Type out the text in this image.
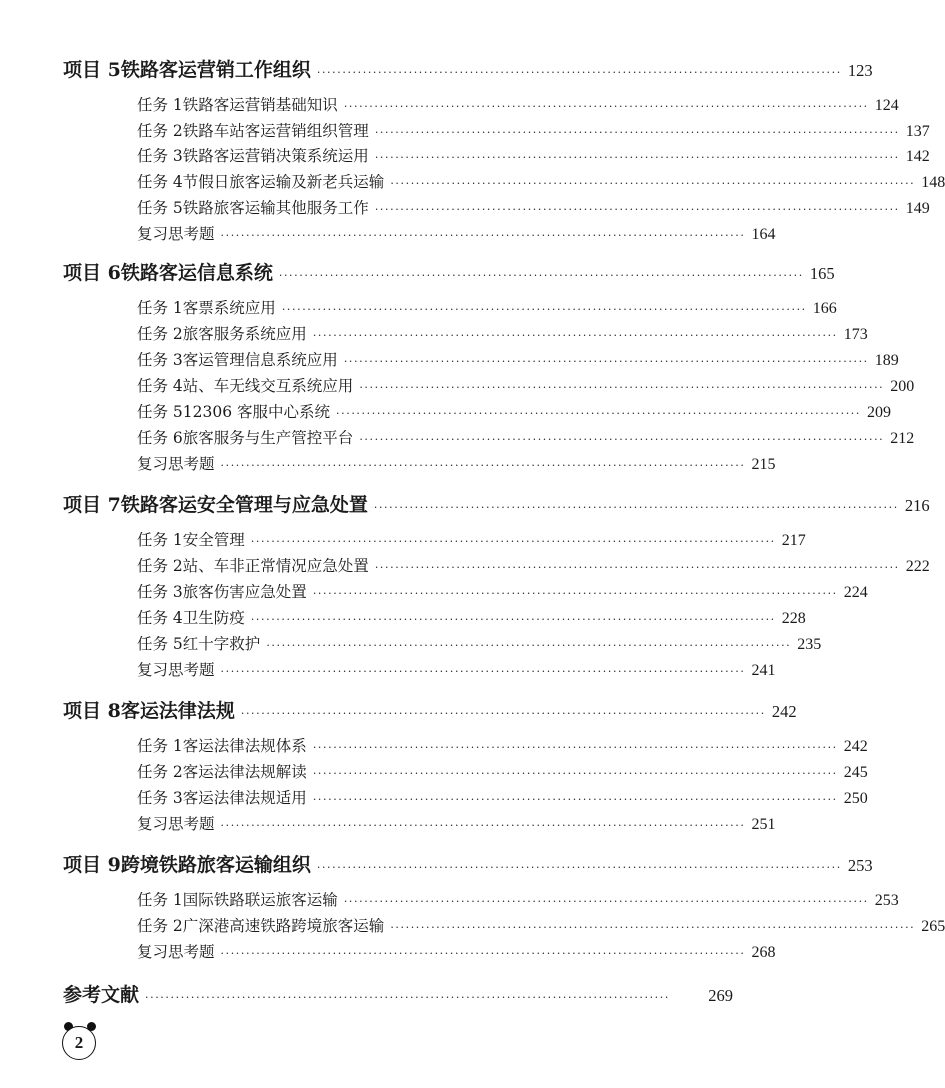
项目 5 铁路客运营销工作组织 ······································································································· 123
任务 1 铁路客运营销基础知识 ······································································································· 124
任务 2 铁路车站客运营销组织管理 ······································································································· 137
任务 3 铁路客运营销决策系统运用 ······································································································· 142
任务 4 节假日旅客运输及新老兵运输 ······································································································· 148
任务 5 铁路旅客运输其他服务工作 ······································································································· 149
复习思考题 ······································································································· 164
项目 6 铁路客运信息系统 ······································································································· 165
任务 1 客票系统应用 ······································································································· 166
任务 2 旅客服务系统应用 ······································································································· 173
任务 3 客运管理信息系统应用 ······································································································· 189
任务 4 站、车无线交互系统应用 ······································································································· 200
任务 5 12306 客服中心系统 ······································································································· 209
任务 6 旅客服务与生产管控平台 ······································································································· 212
复习思考题 ······································································································· 215
项目 7 铁路客运安全管理与应急处置 ······································································································· 216
任务 1 安全管理 ······································································································· 217
任务 2 站、车非正常情况应急处置 ······································································································· 222
任务 3 旅客伤害应急处置 ······································································································· 224
任务 4 卫生防疫 ······································································································· 228
任务 5 红十字救护 ······································································································· 235
复习思考题 ······································································································· 241
项目 8 客运法律法规 ······································································································· 242
任务 1 客运法律法规体系 ······································································································· 242
任务 2 客运法律法规解读 ······································································································· 245
任务 3 客运法律法规适用 ······································································································· 250
复习思考题 ······································································································· 251
项目 9 跨境铁路旅客运输组织 ······································································································· 253
任务 1 国际铁路联运旅客运输 ······································································································· 253
任务 2 广深港高速铁路跨境旅客运输 ······································································································· 265
复习思考题 ······································································································· 268
参考文献 ·······································································································	269
2
